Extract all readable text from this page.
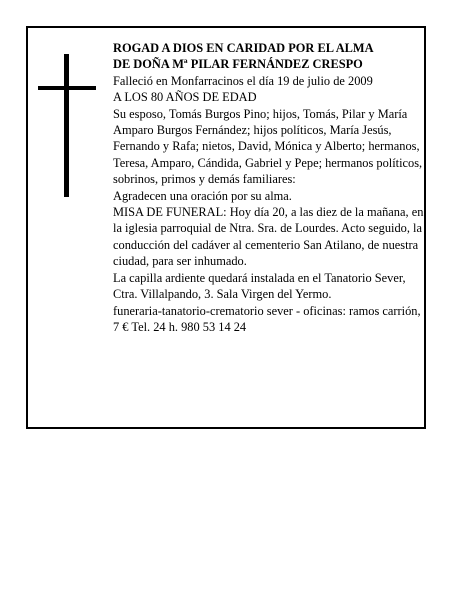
ROGAD A DIOS EN CARIDAD POR EL ALMA

DE DOÑA Mª PILAR FERNÁNDEZ CRESPO

Falleció en Monfarracinos el día 19 de julio de 2009

A LOS 80 AÑOS DE EDAD

Su esposo, Tomás Burgos Pino; hijos, Tomás, Pilar y María Amparo Burgos Fernández; hijos políticos, María Jesús, Fernando y Rafa; nietos, David, Mónica y Alberto; hermanos, Teresa, Amparo, Cándida, Gabriel y Pepe; hermanos políticos, sobrinos, primos y demás familiares:

Agradecen una oración por su alma.

MISA DE FUNERAL: Hoy día 20, a las diez de la mañana, en la iglesia parroquial de Ntra. Sra. de Lourdes. Acto seguido, la conducción del cadáver al cementerio San Atilano, de nuestra ciudad, para ser inhumado.

La capilla ardiente quedará instalada en el Tanatorio Sever, Ctra. Villalpando, 3. Sala Virgen del Yermo.

funeraria-tanatorio-crematorio sever - oficinas: ramos carrión, 7 € Tel. 24 h. 980 53 14 24
